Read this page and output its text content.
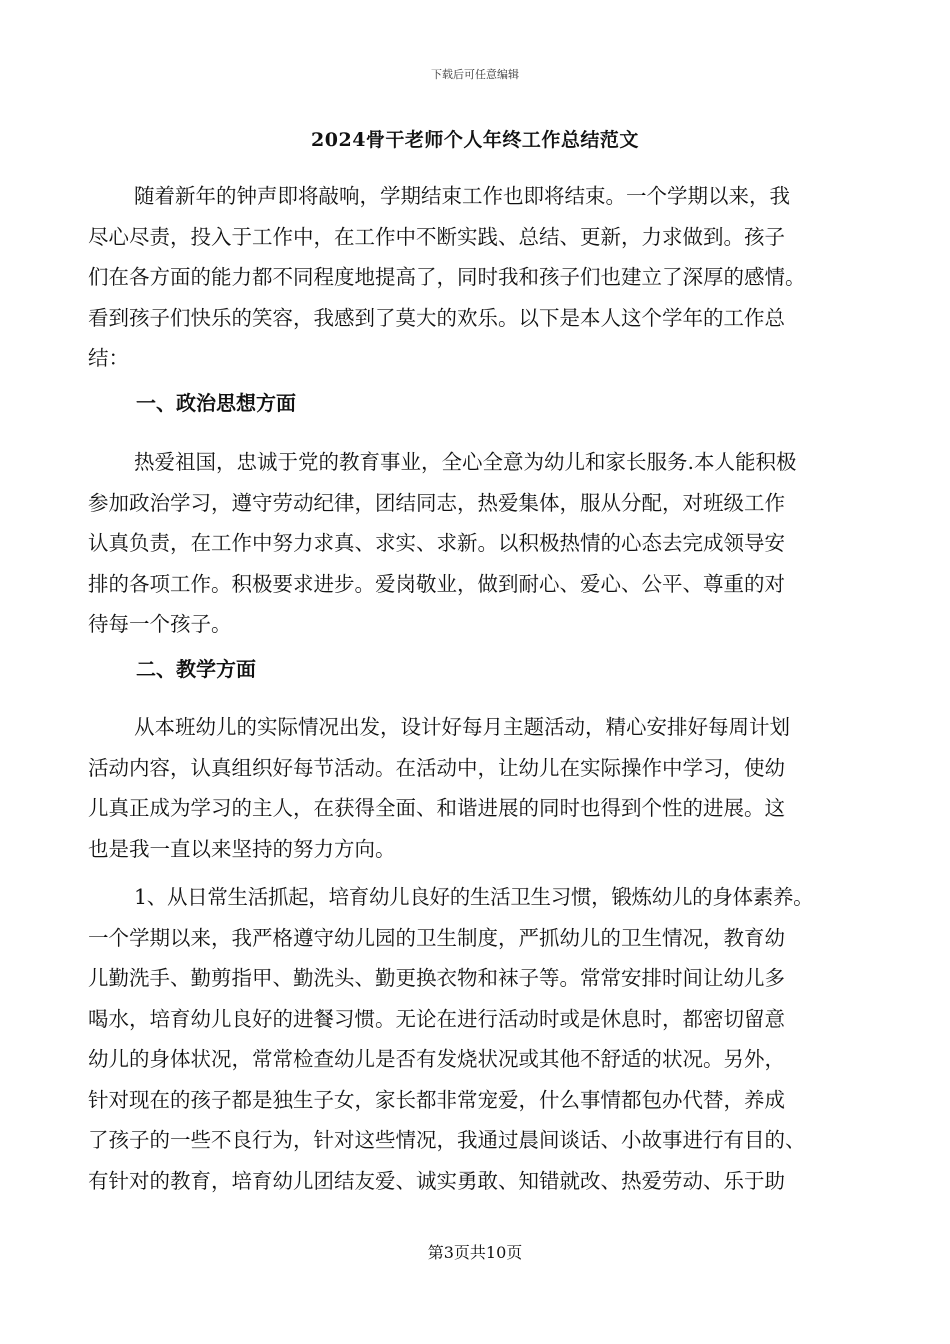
下载后可任意编辑
2024骨干老师个人年终工作总结范文
随着新年的钟声即将敲响，学期结束工作也即将结束。一个学期以来，我
尽心尽责，投入于工作中，在工作中不断实践、总结、更新，力求做到。孩子
们在各方面的能力都不同程度地提高了，同时我和孩子们也建立了深厚的感情。
看到孩子们快乐的笑容，我感到了莫大的欢乐。以下是本人这个学年的工作总
结：
一、政治思想方面
热爱祖国，忠诚于党的教育事业，全心全意为幼儿和家长服务.本人能积极
参加政治学习，遵守劳动纪律，团结同志，热爱集体，服从分配，对班级工作
认真负责，在工作中努力求真、求实、求新。以积极热情的心态去完成领导安
排的各项工作。积极要求进步。爱岗敬业，做到耐心、爱心、公平、尊重的对
待每一个孩子。
二、教学方面
从本班幼儿的实际情况出发，设计好每月主题活动，精心安排好每周计划
活动内容，认真组织好每节活动。在活动中，让幼儿在实际操作中学习，使幼
儿真正成为学习的主人，在获得全面、和谐进展的同时也得到个性的进展。这
也是我一直以来坚持的努力方向。
1、从日常生活抓起，培育幼儿良好的生活卫生习惯，锻炼幼儿的身体素养。
一个学期以来，我严格遵守幼儿园的卫生制度，严抓幼儿的卫生情况，教育幼
儿勤洗手、勤剪指甲、勤洗头、勤更换衣物和袜子等。常常安排时间让幼儿多
喝水，培育幼儿良好的进餐习惯。无论在进行活动时或是休息时，都密切留意
幼儿的身体状况，常常检查幼儿是否有发烧状况或其他不舒适的状况。另外，
针对现在的孩子都是独生子女，家长都非常宠爱，什么事情都包办代替，养成
了孩子的一些不良行为，针对这些情况，我通过晨间谈话、小故事进行有目的、
有针对的教育，培育幼儿团结友爱、诚实勇敢、知错就改、热爱劳动、乐于助
第3页共10页
